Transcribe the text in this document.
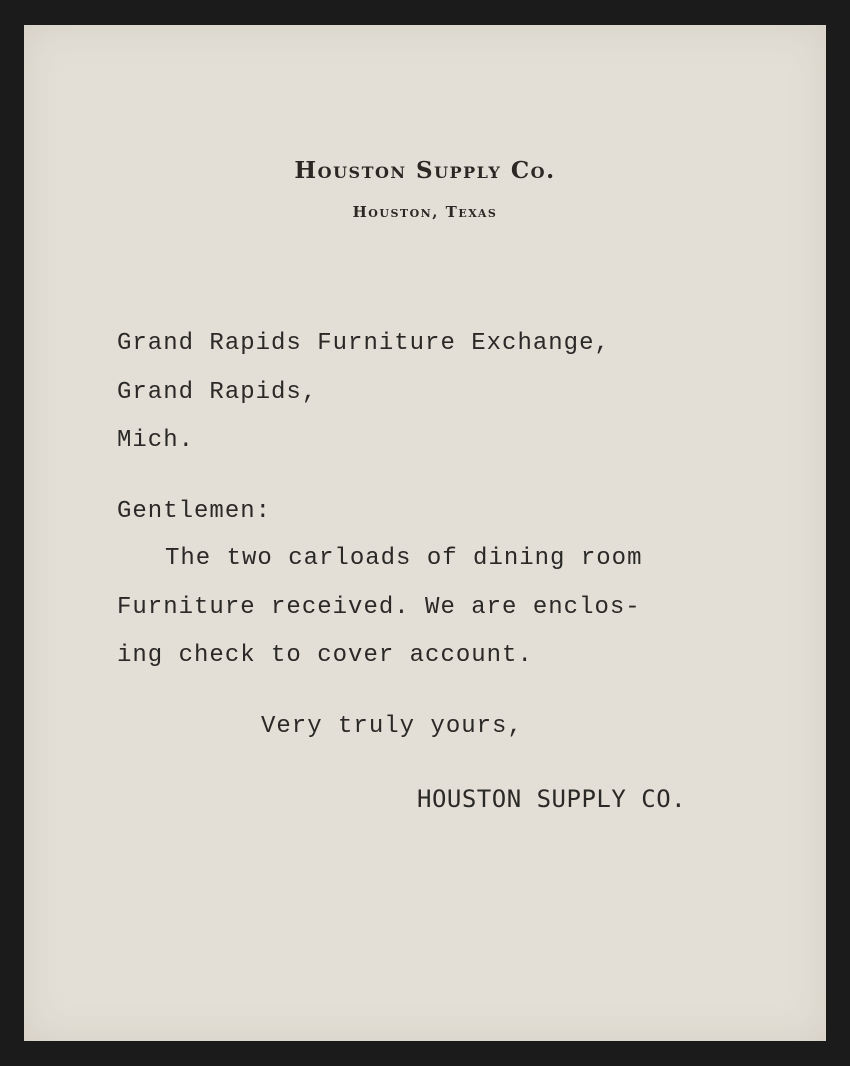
Houston Supply Co.
Houston, Texas
Grand Rapids Furniture Exchange,
Grand Rapids,
Mich.
Gentlemen:
The two carloads of dining room
Furniture received. We are enclos-
ing check to cover account.
Very truly yours,
HOUSTON SUPPLY CO.
